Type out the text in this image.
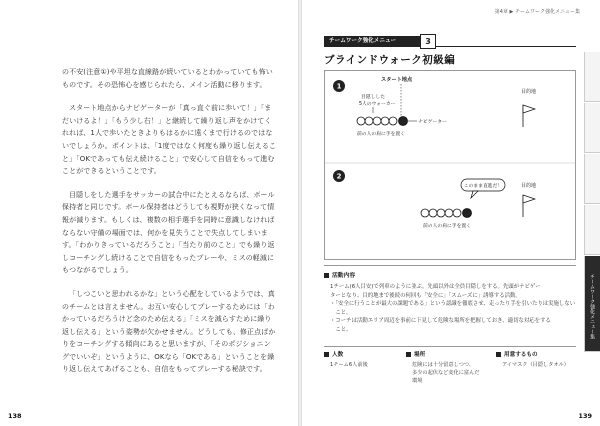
の不安(注意①)や平坦な直線路が続いているとわかっていても怖いものです。その恐怖心を感じられたら、メイン活動に移ります。

スタート地点からナビゲーターが「真っ直ぐ前に歩いて！」「まだいけるよ！」「もう少し右！」と継続して繰り返し声をかけてくれれば、1人で歩いたときよりもはるかに遠くまで行けるのではないでしょうか。ポイントは、「1度ではなく何度も繰り返し伝えること」「OKであっても伝え続けること」で安心して自信をもって進むことができるということです。

目隠しをした選手をサッカーの試合中にたとえるならば、ボール保持者と同じです。ボール保持者はどうしても視野が狭くなって情報が減ります。もしくは、複数の相手選手を同時に意識しなければならない守備の場面では、何かを見失うことで失点してしまいます。「わかりきっているだろうこと」「当たり前のこと」でも繰り返しコーチングし続けることで自信をもったプレーや、ミスの軽減にもつながるでしょう。

「しつこいと思われるかな」という心配をしているようでは、真のチームとは言えません。お互い安心してプレーするためには「わかっているだろうけど念のため伝える」「ミスを減らすために繰り返し伝える」という姿勢が欠かせません。どうしても、修正点ばかりをコーチングする傾向にあると思いますが、「そのポジショニングでいいぞ」というように、OKなら「OKである」ということを繰り返し伝えてあげることも、自信をもってプレーする秘訣です。

138
第4章 ▶ チームワーク強化メニュー集
チームワーク強化メニュー	3
ブラインドウォーク初級編
1
スタート地点
目隠しした
5人のウォーカー
ナビゲーター
前の人の肩に手を置く
目的地
2
このまま直進だ！	目的地
前の人の肩に手を置く
活動内容
1チーム(6人目安)で列車のように並ぶ。先頭以外は全員目隠しをする。先頭がナビゲー
ターとなり、目的地まで後続の何回も「安全に」「スムーズに」誘導する活動。
・「安全に行うことが最大の課題である」という認識を徹底させ、走ったり手を引いたりは実施しない
　こと。
・コーチは活動エリア周辺を事前に下見して危険な場所を把握しておき、適切な対応をする
　こと。
人数
1チーム6人前後
場所
危険には十分留意しつつ、
多少の起伏など変化に富んだ
環境
用意するもの
アイマスク（目隠しタオル）
チームワーク強化メニュー集
139
